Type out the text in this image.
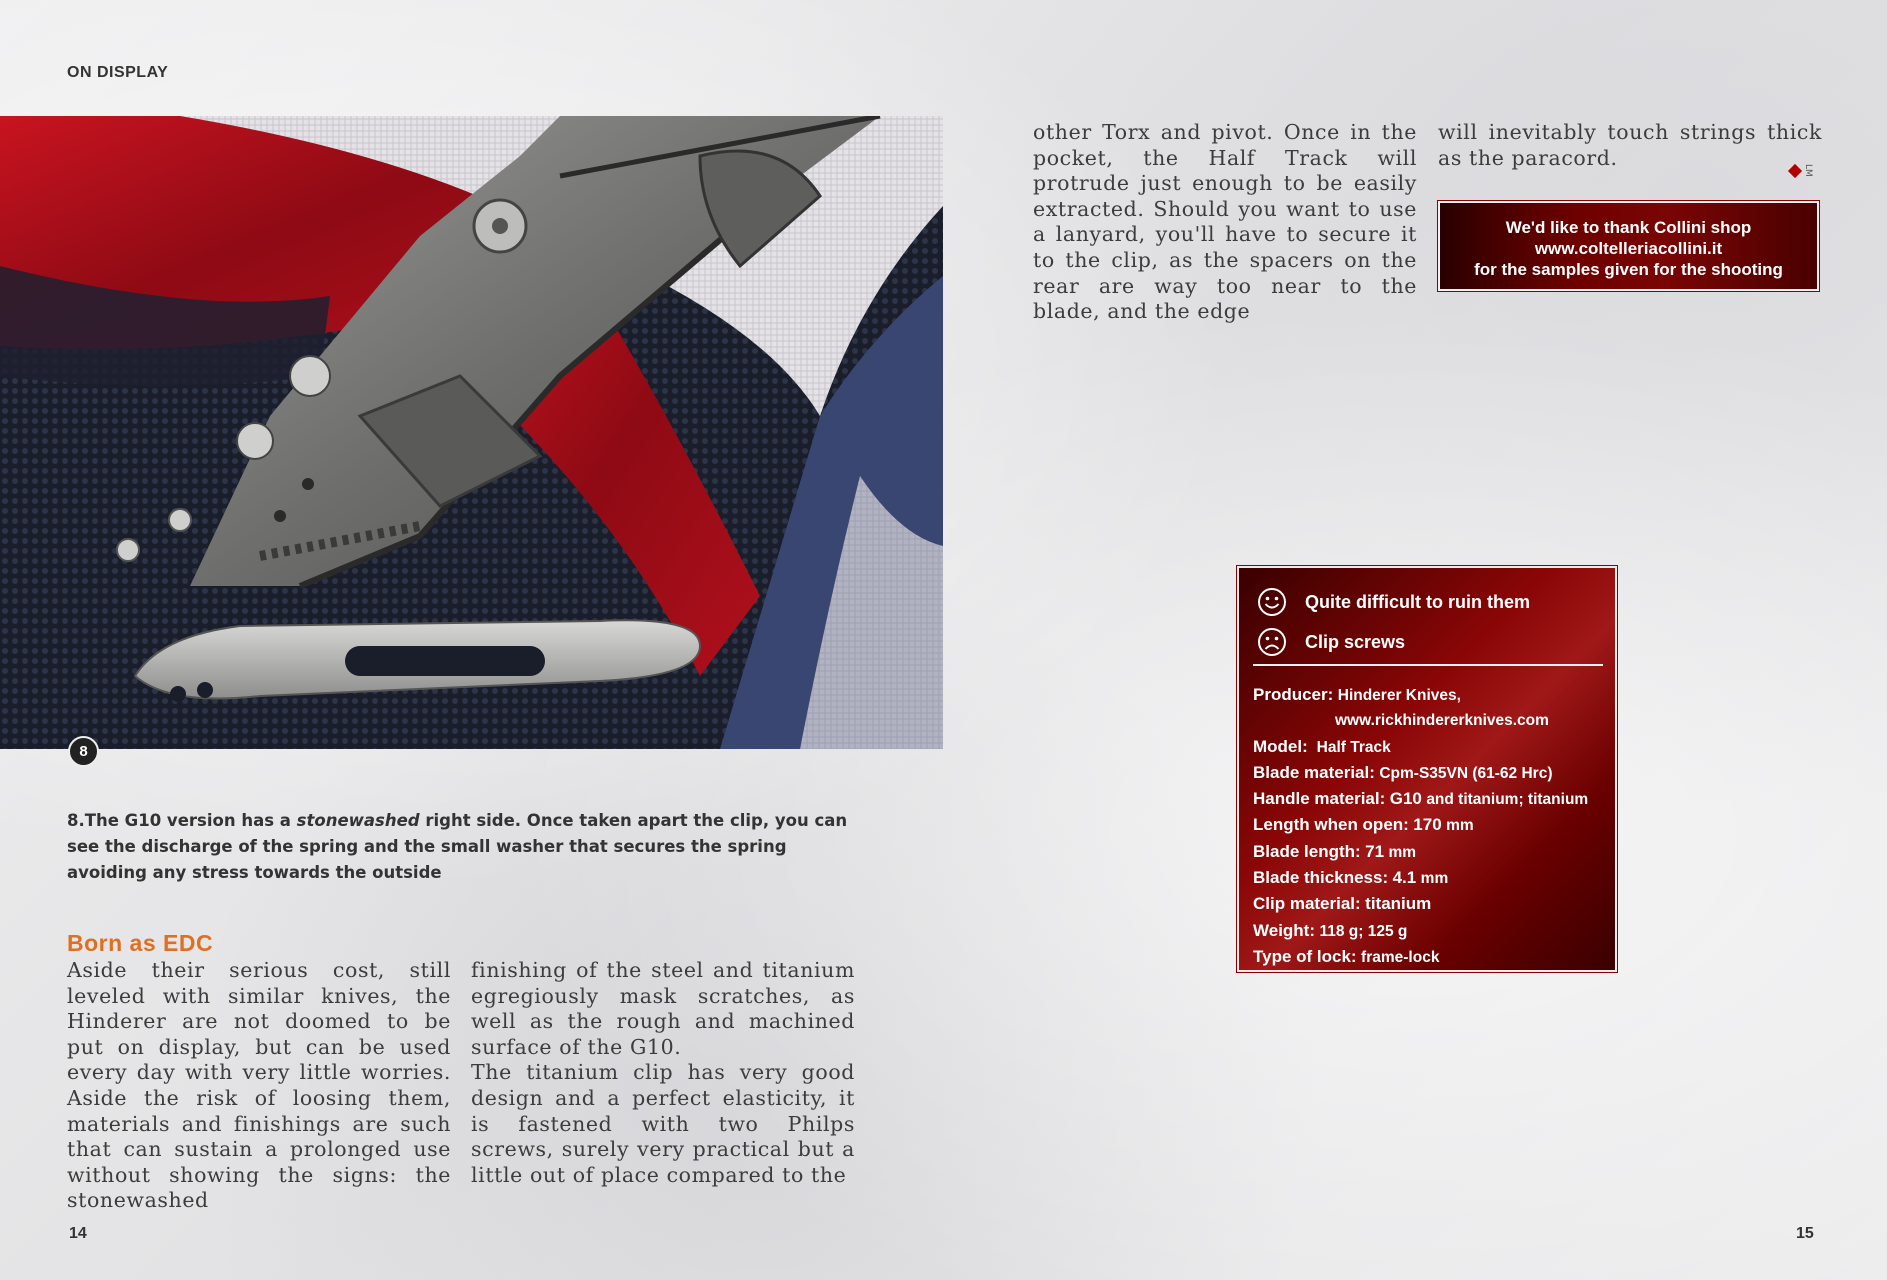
ON DISPLAY
8
8.The G10 version has a stonewashed right side. Once taken apart the clip, you can see the discharge of the spring and the small washer that secures the spring avoiding any stress towards the outside
Born as EDC

Aside their serious cost, still leveled with similar knives, the Hinderer are not doomed to be put on display, but can be used every day with very little worries. Aside the risk of loosing them, materials and finishings are such that can sustain a prolonged use without showing the signs: the stonewashed

finishing of the steel and titanium egregiously mask scratches, as well as the rough and machined surface of the G10.

The titanium clip has very good design and a perfect elasticity, it is fastened with two Philps screws, surely very practical but a little out of place compared to the

other Torx and pivot. Once in the pocket, the Half Track will protrude just enough to be easily extracted. Should you want to use a lanyard, you'll have to secure it to the clip, as the spacers on the rear are way too near to the blade, and the edge

will inevitably touch strings thick as the paracord.

LM
We'd like to thank Collini shop
www.coltelleriacollini.it
for the samples given for the shooting
Quite difficult to ruin them
Clip screws
Producer: Hinderer Knives,
www.rickhindererknives.com
Model: Half Track
Blade material: Cpm-S35VN (61-62 Hrc)
Handle material: G10 and titanium; titanium
Length when open: 170 mm
Blade length: 71 mm
Blade thickness: 4.1 mm
Clip material: titanium
Weight: 118 g; 125 g
Type of lock: frame-lock
14	15
